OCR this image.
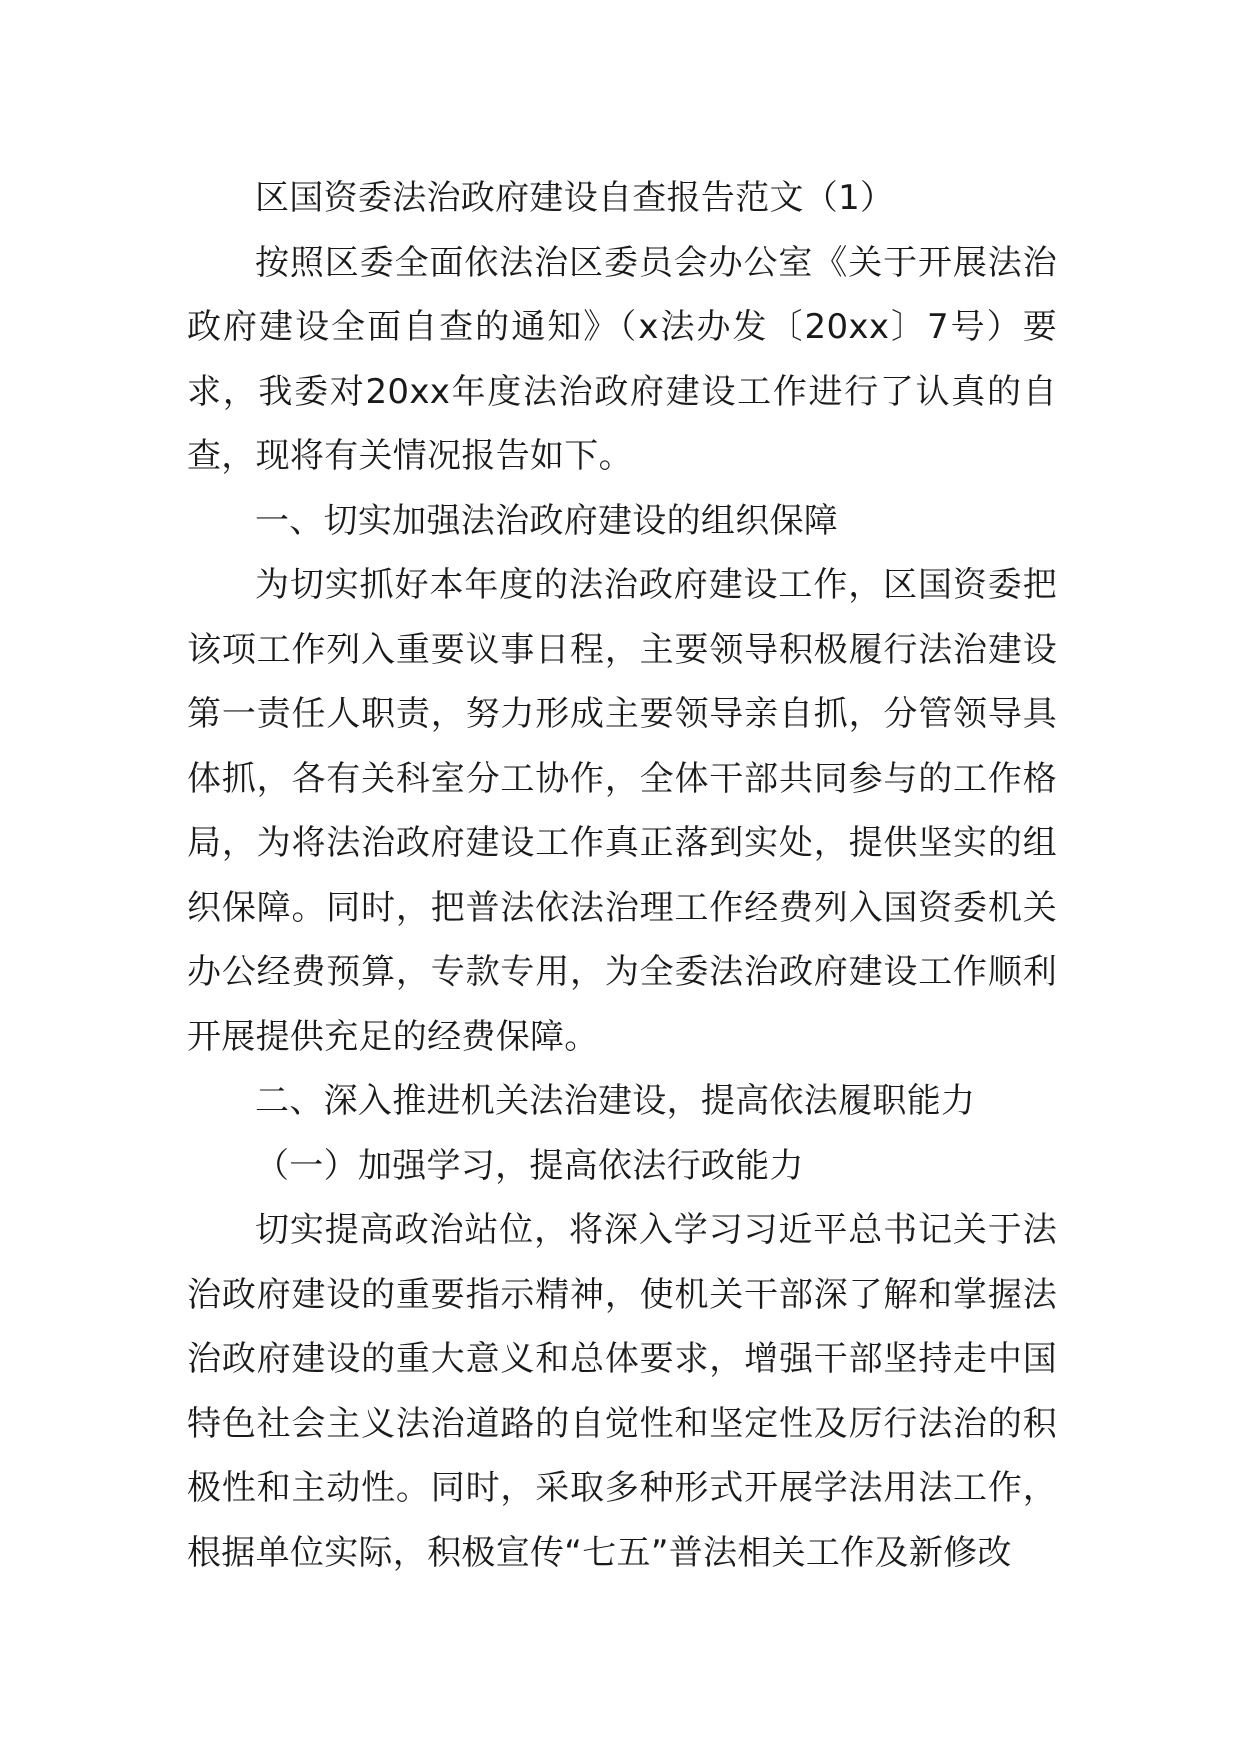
区国资委法治政府建设自查报告范文（1）

按照区委全面依法治区委员会办公室《关于开展法治政府建设全面自查的通知》（x法办发〔20xx〕7号）要求，我委对20xx年度法治政府建设工作进行了认真的自查，现将有关情况报告如下。

一、切实加强法治政府建设的组织保障

为切实抓好本年度的法治政府建设工作，区国资委把该项工作列入重要议事日程，主要领导积极履行法治建设第一责任人职责，努力形成主要领导亲自抓，分管领导具体抓，各有关科室分工协作，全体干部共同参与的工作格局，为将法治政府建设工作真正落到实处，提供坚实的组织保障。同时，把普法依法治理工作经费列入国资委机关办公经费预算，专款专用，为全委法治政府建设工作顺利开展提供充足的经费保障。

二、深入推进机关法治建设，提高依法履职能力

（一）加强学习，提高依法行政能力

切实提高政治站位，将深入学习习近平总书记关于法治政府建设的重要指示精神，使机关干部深了解和掌握法治政府建设的重大意义和总体要求，增强干部坚持走中国特色社会主义法治道路的自觉性和坚定性及厉行法治的积极性和主动性。同时，采取多种形式开展学法用法工作，根据单位实际，积极宣传“七五”普法相关工作及新修改
